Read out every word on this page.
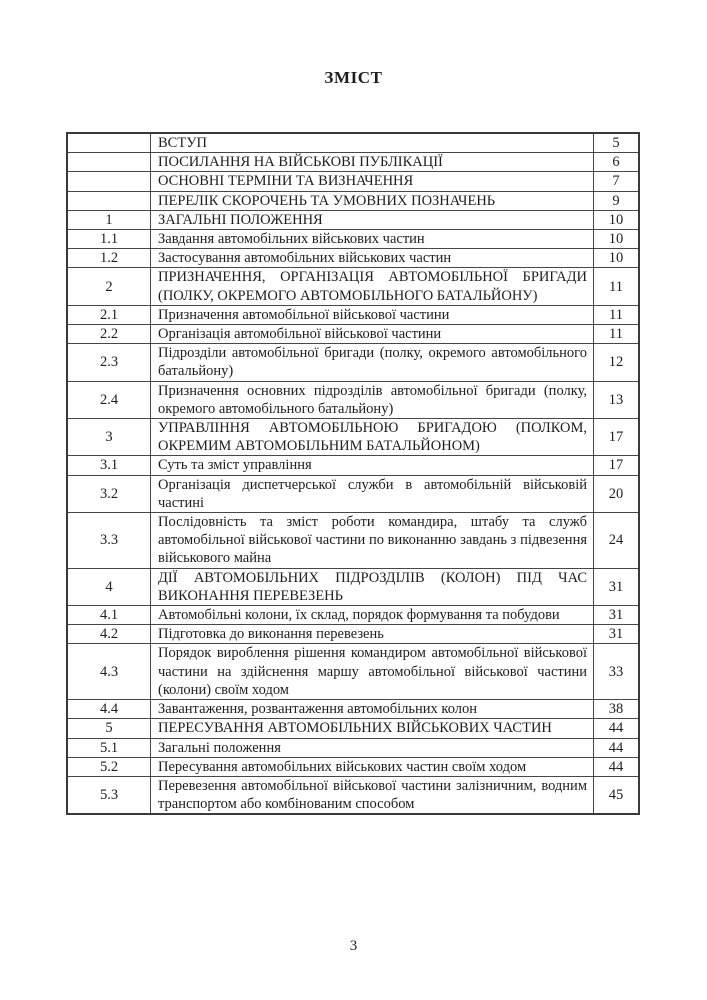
ЗМІСТ
	ВСТУП	5
	ПОСИЛАННЯ НА ВІЙСЬКОВІ ПУБЛІКАЦІЇ	6
	ОСНОВНІ ТЕРМІНИ ТА ВИЗНАЧЕННЯ	7
	ПЕРЕЛІК СКОРОЧЕНЬ ТА УМОВНИХ ПОЗНАЧЕНЬ	9
1	ЗАГАЛЬНІ ПОЛОЖЕННЯ	10
1.1	Завдання автомобільних військових частин	10
1.2	Застосування автомобільних військових частин	10
2	ПРИЗНАЧЕННЯ, ОРГАНІЗАЦІЯ АВТОМОБІЛЬНОЇ БРИГАДИ (ПОЛКУ, ОКРЕМОГО АВТОМОБІЛЬНОГО БАТАЛЬЙОНУ)	11
2.1	Призначення автомобільної військової частини	11
2.2	Організація автомобільної військової частини	11
2.3	Підрозділи автомобільної бригади (полку, окремого автомобільного батальйону)	12
2.4	Призначення основних підрозділів автомобільної бригади (полку, окремого автомобільного батальйону)	13
3	УПРАВЛІННЯ АВТОМОБІЛЬНОЮ БРИГАДОЮ (ПОЛКОМ, ОКРЕМИМ АВТОМОБІЛЬНИМ БАТАЛЬЙОНОМ)	17
3.1	Суть та зміст управління	17
3.2	Організація диспетчерської служби в автомобільній військовій частині	20
3.3	Послідовність та зміст роботи командира, штабу та служб автомобільної військової частини по виконанню завдань з підвезення військового майна	24
4	ДІЇ АВТОМОБІЛЬНИХ ПІДРОЗДІЛІВ (КОЛОН) ПІД ЧАС ВИКОНАННЯ ПЕРЕВЕЗЕНЬ	31
4.1	Автомобільні колони, їх склад, порядок формування та побудови	31
4.2	Підготовка до виконання перевезень	31
4.3	Порядок вироблення рішення командиром автомобільної військової частини на здійснення маршу автомобільної військової частини (колони) своїм ходом	33
4.4	Завантаження, розвантаження автомобільних колон	38
5	ПЕРЕСУВАННЯ АВТОМОБІЛЬНИХ ВІЙСЬКОВИХ ЧАСТИН	44
5.1	Загальні положення	44
5.2	Пересування автомобільних військових частин своїм ходом	44
5.3	Перевезення автомобільної військової частини залізничним, водним транспортом або комбінованим способом	45
3
